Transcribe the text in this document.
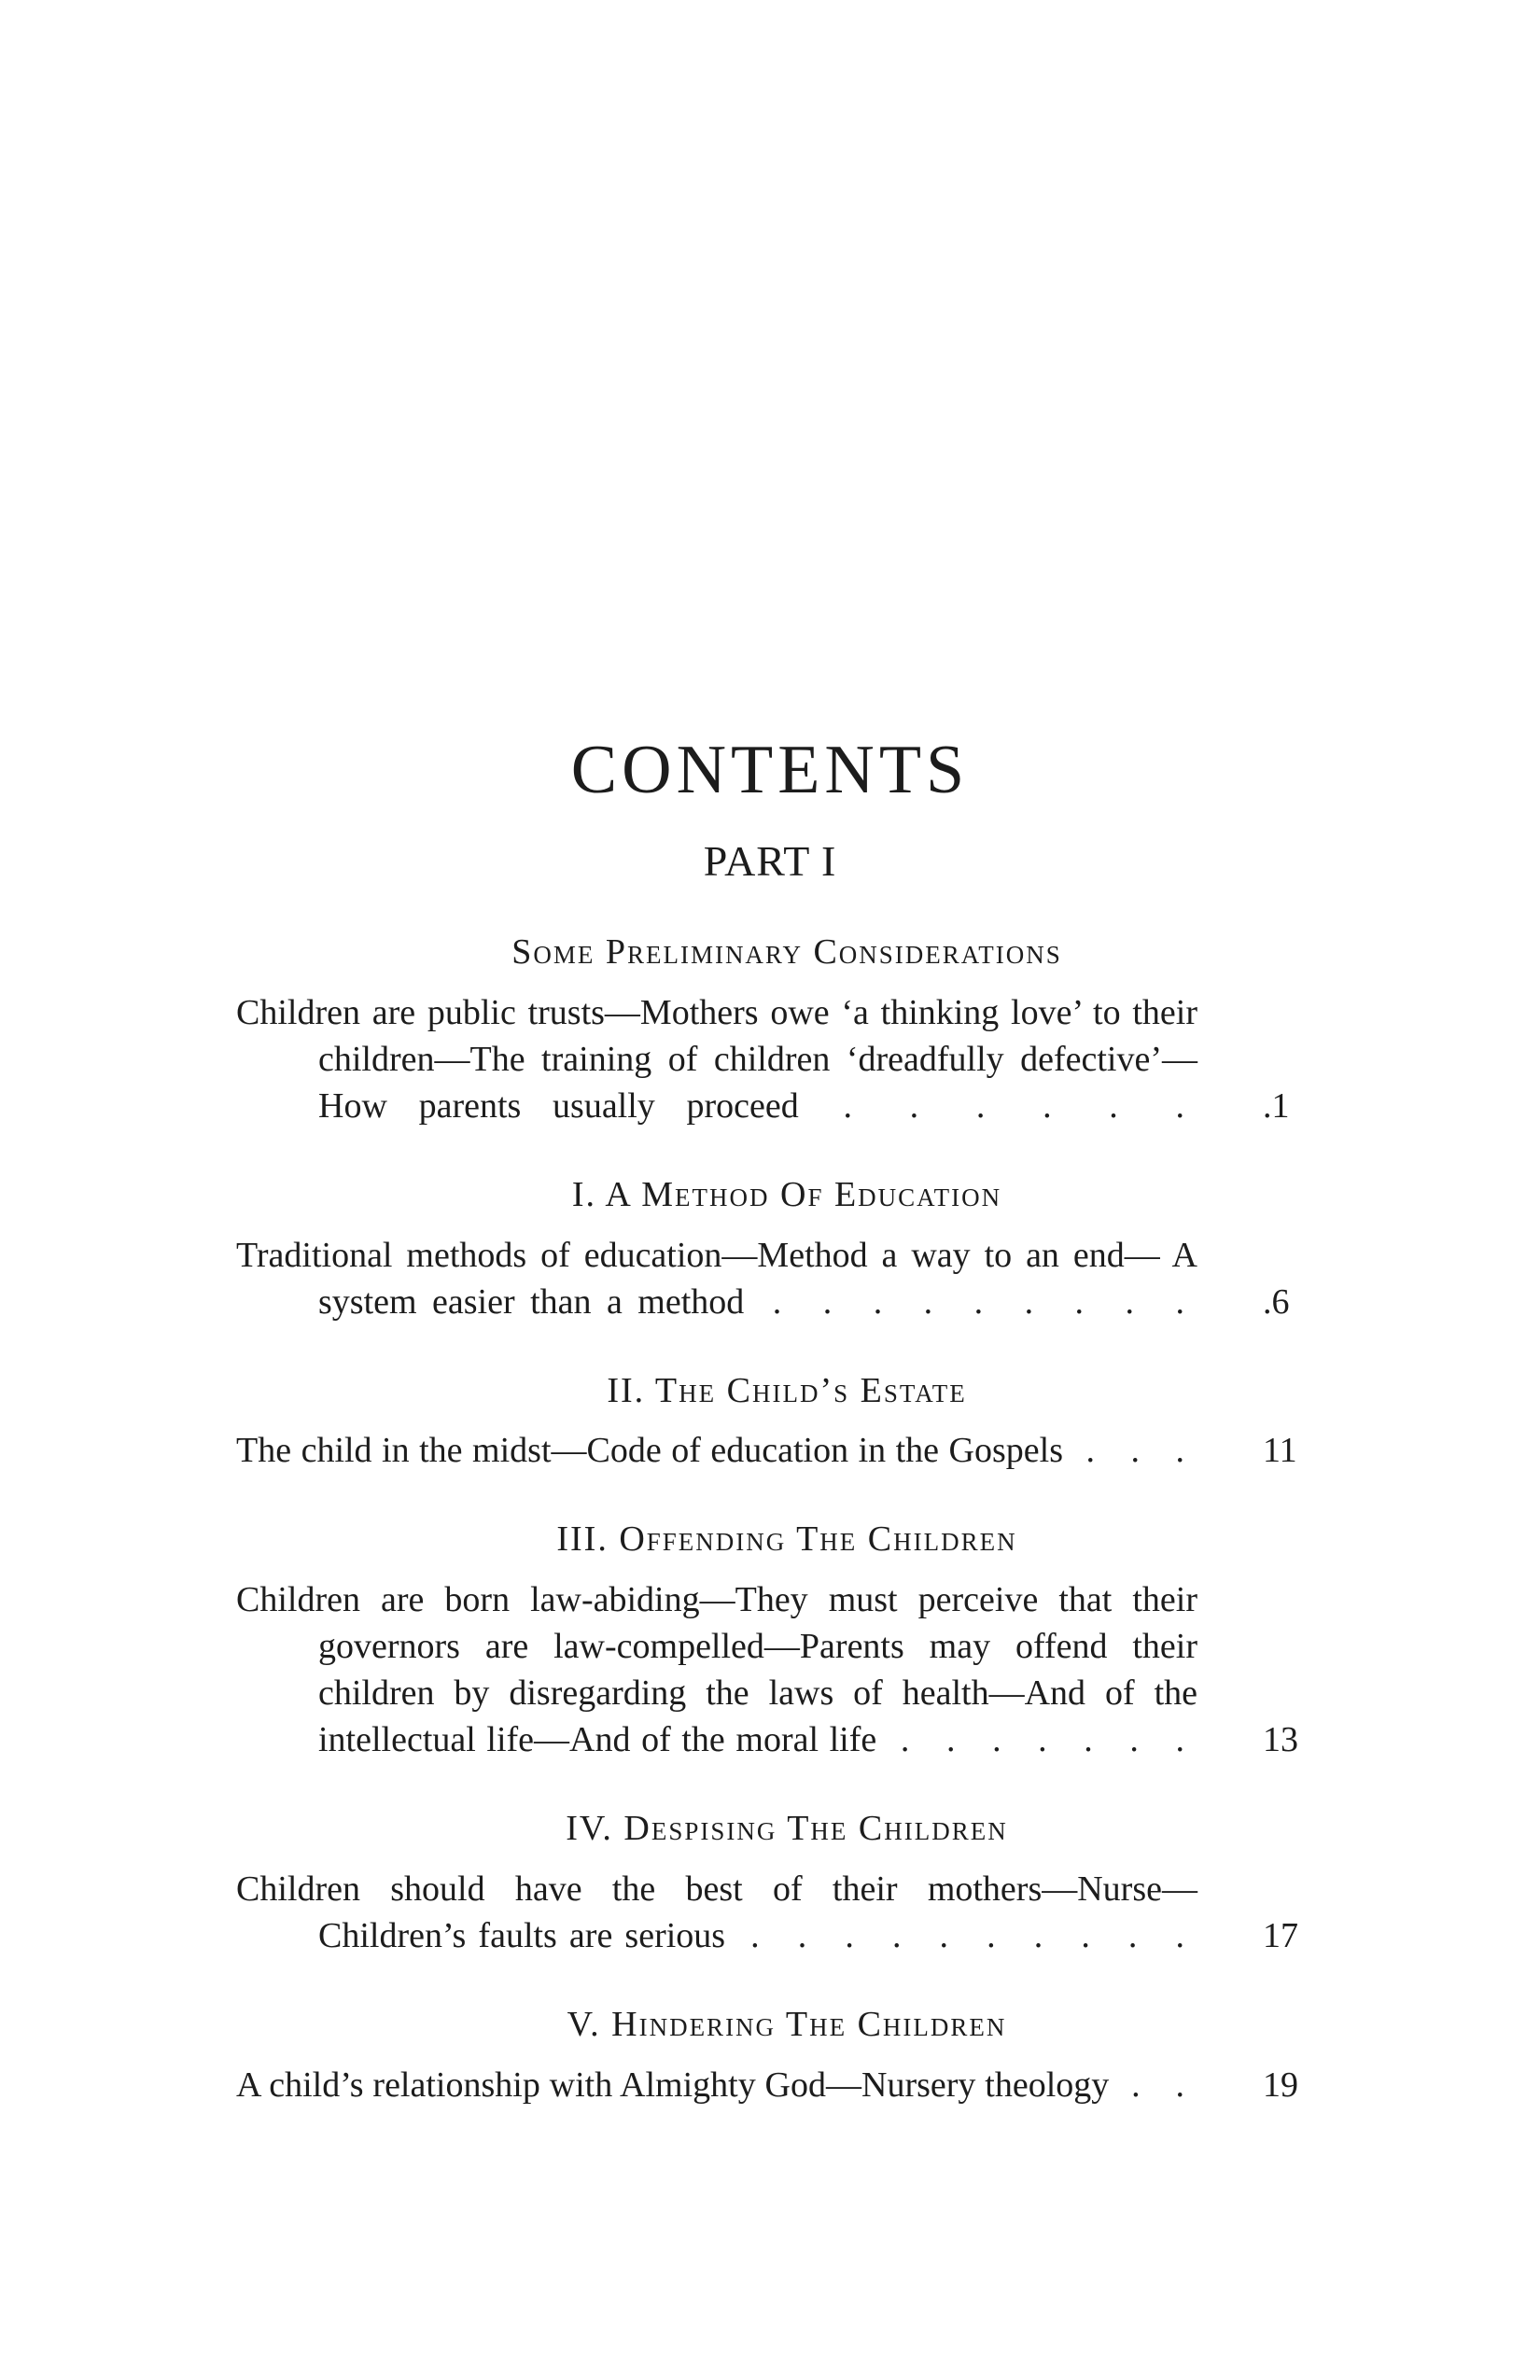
CONTENTS
PART I
Some Preliminary Considerations

Children are public trusts—Mothers owe ‘a thinking love’ to their children—The training of children ‘dreadfully defective’—How parents usually proceed . . . . . . .1

I. A Method Of Education

Traditional methods of education—Method a way to an end— A system easier than a method . . . . . . . . . .6

II. The Child’s Estate

The child in the midst—Code of education in the Gospels . . . 11

III. Offending The Children

Children are born law-abiding—They must perceive that their governors are law-compelled—Parents may offend their children by disregarding the laws of health—And of the intellectual life—And of the moral life . . . . . . . 13

IV. Despising The Children

Children should have the best of their mothers—Nurse— Children’s faults are serious . . . . . . . . . . 17

V. Hindering The Children

A child’s relationship with Almighty God—Nursery theology . . 19
